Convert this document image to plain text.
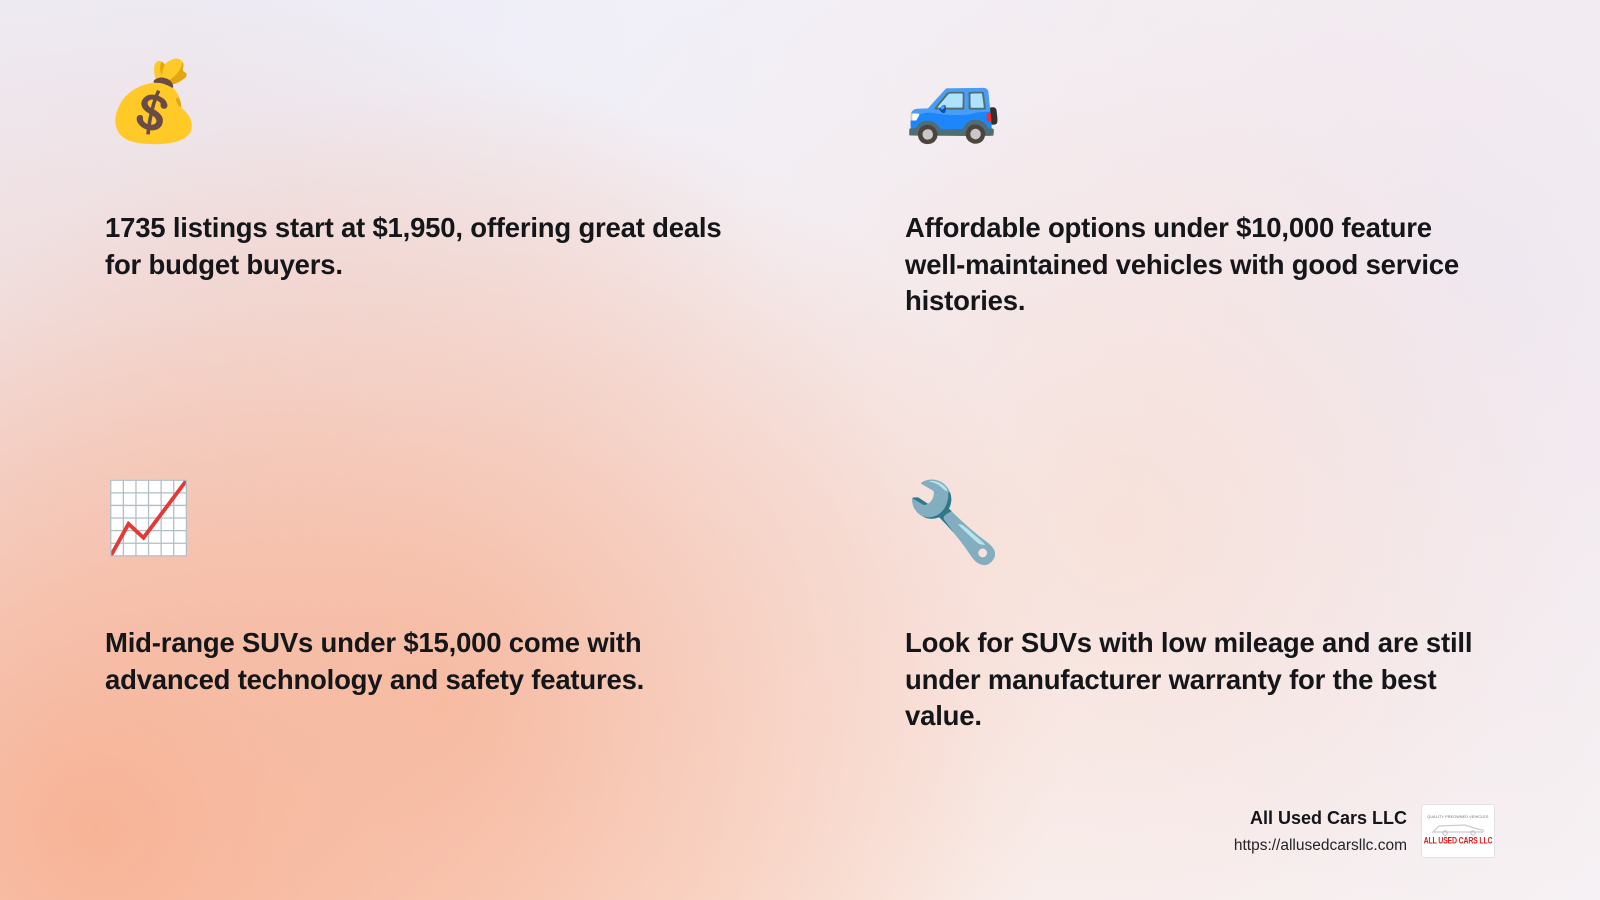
💰
1735 listings start at $1,950, offering great deals for budget buyers.
🚙
Affordable options under $10,000 feature well-maintained vehicles with good service histories.
📈
Mid-range SUVs under $15,000 come with advanced technology and safety features.
🔧
Look for SUVs with low mileage and are still under manufacturer warranty for the best value.
All Used Cars LLC
https://allusedcarsllc.com
QUALITY PREOWNED VEHICLES
ALL USED CARS LLC
